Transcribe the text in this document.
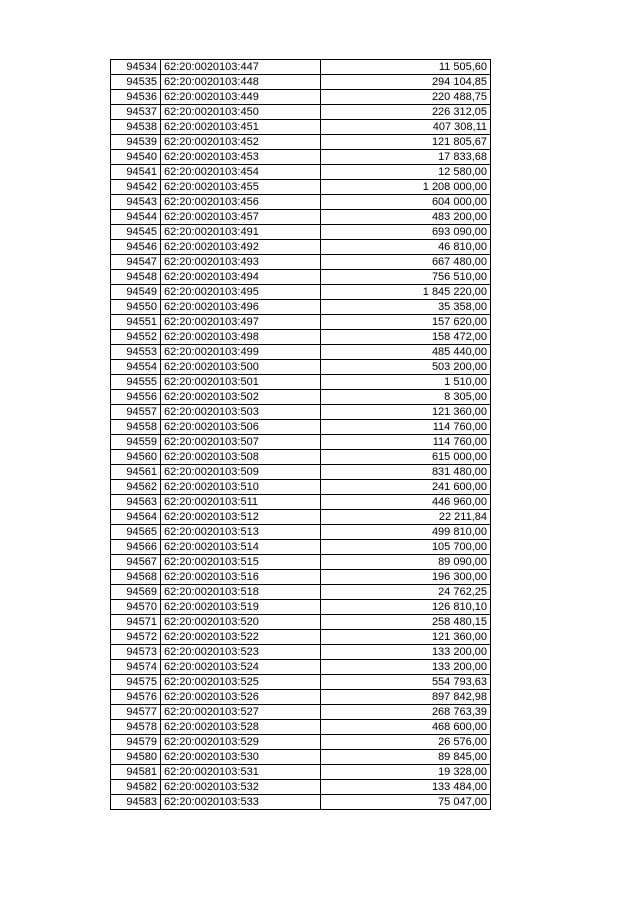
94534	62:20:0020103:447	11 505,60
94535	62:20:0020103:448	294 104,85
94536	62:20:0020103:449	220 488,75
94537	62:20:0020103:450	226 312,05
94538	62:20:0020103:451	407 308,11
94539	62:20:0020103:452	121 805,67
94540	62:20:0020103:453	17 833,68
94541	62:20:0020103:454	12 580,00
94542	62:20:0020103:455	1 208 000,00
94543	62:20:0020103:456	604 000,00
94544	62:20:0020103:457	483 200,00
94545	62:20:0020103:491	693 090,00
94546	62:20:0020103:492	46 810,00
94547	62:20:0020103:493	667 480,00
94548	62:20:0020103:494	756 510,00
94549	62:20:0020103:495	1 845 220,00
94550	62:20:0020103:496	35 358,00
94551	62:20:0020103:497	157 620,00
94552	62:20:0020103:498	158 472,00
94553	62:20:0020103:499	485 440,00
94554	62:20:0020103:500	503 200,00
94555	62:20:0020103:501	1 510,00
94556	62:20:0020103:502	8 305,00
94557	62:20:0020103:503	121 360,00
94558	62:20:0020103:506	114 760,00
94559	62:20:0020103:507	114 760,00
94560	62:20:0020103:508	615 000,00
94561	62:20:0020103:509	831 480,00
94562	62:20:0020103:510	241 600,00
94563	62:20:0020103:511	446 960,00
94564	62:20:0020103:512	22 211,84
94565	62:20:0020103:513	499 810,00
94566	62:20:0020103:514	105 700,00
94567	62:20:0020103:515	89 090,00
94568	62:20:0020103:516	196 300,00
94569	62:20:0020103:518	24 762,25
94570	62:20:0020103:519	126 810,10
94571	62:20:0020103:520	258 480,15
94572	62:20:0020103:522	121 360,00
94573	62:20:0020103:523	133 200,00
94574	62:20:0020103:524	133 200,00
94575	62:20:0020103:525	554 793,63
94576	62:20:0020103:526	897 842,98
94577	62:20:0020103:527	268 763,39
94578	62:20:0020103:528	468 600,00
94579	62:20:0020103:529	26 576,00
94580	62:20:0020103:530	89 845,00
94581	62:20:0020103:531	19 328,00
94582	62:20:0020103:532	133 484,00
94583	62:20:0020103:533	75 047,00
